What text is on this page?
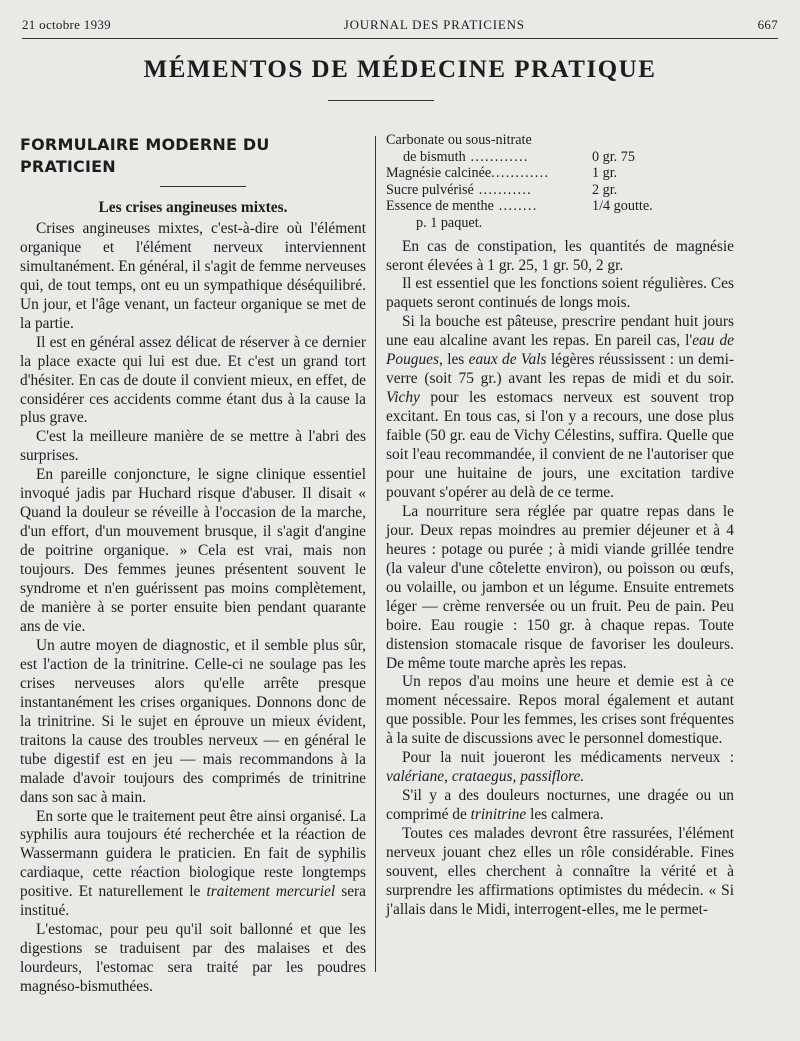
21 octobre 1939	JOURNAL DES PRATICIENS	667
MÉMENTOS DE MÉDECINE PRATIQUE
FORMULAIRE MODERNE DU PRATICIEN
Les crises angineuses mixtes.

Crises angineuses mixtes, c'est-à-dire où l'élément organique et l'élément nerveux interviennent simultanément. En général, il s'agit de femme nerveuses qui, de tout temps, ont eu un sympathique déséquilibré. Un jour, et l'âge venant, un facteur organique se met de la partie.

Il est en général assez délicat de réserver à ce dernier la place exacte qui lui est due. Et c'est un grand tort d'hésiter. En cas de doute il convient mieux, en effet, de considérer ces accidents comme étant dus à la cause la plus grave.

C'est la meilleure manière de se mettre à l'abri des surprises.

En pareille conjoncture, le signe clinique essentiel invoqué jadis par Huchard risque d'abuser. Il disait « Quand la douleur se réveille à l'occasion de la marche, d'un effort, d'un mouvement brusque, il s'agit d'angine de poitrine organique. » Cela est vrai, mais non toujours. Des femmes jeunes présentent souvent le syndrome et n'en guérissent pas moins complètement, de manière à se porter ensuite bien pendant quarante ans de vie.

Un autre moyen de diagnostic, et il semble plus sûr, est l'action de la trinitrine. Celle-ci ne soulage pas les crises nerveuses alors qu'elle arrête presque instantanément les crises organiques. Donnons donc de la trinitrine. Si le sujet en éprouve un mieux évident, traitons la cause des troubles nerveux — en général le tube digestif est en jeu — mais recommandons à la malade d'avoir toujours des comprimés de trinitrine dans son sac à main.

En sorte que le traitement peut être ainsi organisé. La syphilis aura toujours été recherchée et la réaction de Wassermann guidera le praticien. En fait de syphilis cardiaque, cette réaction biologique reste longtemps positive. Et naturellement le traitement mercuriel sera institué.

L'estomac, pour peu qu'il soit ballonné et que les digestions se traduisent par des malaises et des lourdeurs, l'estomac sera traité par les poudres magnéso-bismuthées.

Carbonate ou sous-nitrate
de bismuth ............	0 gr. 75
Magnésie calcinée............	1 gr.
Sucre pulvérisé ...........	2 gr.
Essence de menthe ........	1/4 goutte.
p. 1 paquet.

En cas de constipation, les quantités de magnésie seront élevées à 1 gr. 25, 1 gr. 50, 2 gr.

Il est essentiel que les fonctions soient régulières. Ces paquets seront continués de longs mois.

Si la bouche est pâteuse, prescrire pendant huit jours une eau alcaline avant les repas. En pareil cas, l'eau de Pougues, les eaux de Vals légères réussissent : un demi-verre (soit 75 gr.) avant les repas de midi et du soir. Vichy pour les estomacs nerveux est souvent trop excitant. En tous cas, si l'on y a recours, une dose plus faible (50 gr. eau de Vichy Célestins, suffira. Quelle que soit l'eau recommandée, il convient de ne l'autoriser que pour une huitaine de jours, une excitation tardive pouvant s'opérer au delà de ce terme.

La nourriture sera réglée par quatre repas dans le jour. Deux repas moindres au premier déjeuner et à 4 heures : potage ou purée ; à midi viande grillée tendre (la valeur d'une côtelette environ), ou poisson ou œufs, ou volaille, ou jambon et un légume. Ensuite entremets léger — crème renversée ou un fruit. Peu de pain. Peu boire. Eau rougie : 150 gr. à chaque repas. Toute distension stomacale risque de favoriser les douleurs. De même toute marche après les repas.

Un repos d'au moins une heure et demie est à ce moment nécessaire. Repos moral également et autant que possible. Pour les femmes, les crises sont fréquentes à la suite de discussions avec le personnel domestique.

Pour la nuit joueront les médicaments nerveux : valériane, crataegus, passiflore.

S'il y a des douleurs nocturnes, une dragée ou un comprimé de trinitrine les calmera.

Toutes ces malades devront être rassurées, l'élément nerveux jouant chez elles un rôle considérable. Fines souvent, elles cherchent à connaître la vérité et à surprendre les affirmations optimistes du médecin. « Si j'allais dans le Midi, interrogent-elles, me le permet-
